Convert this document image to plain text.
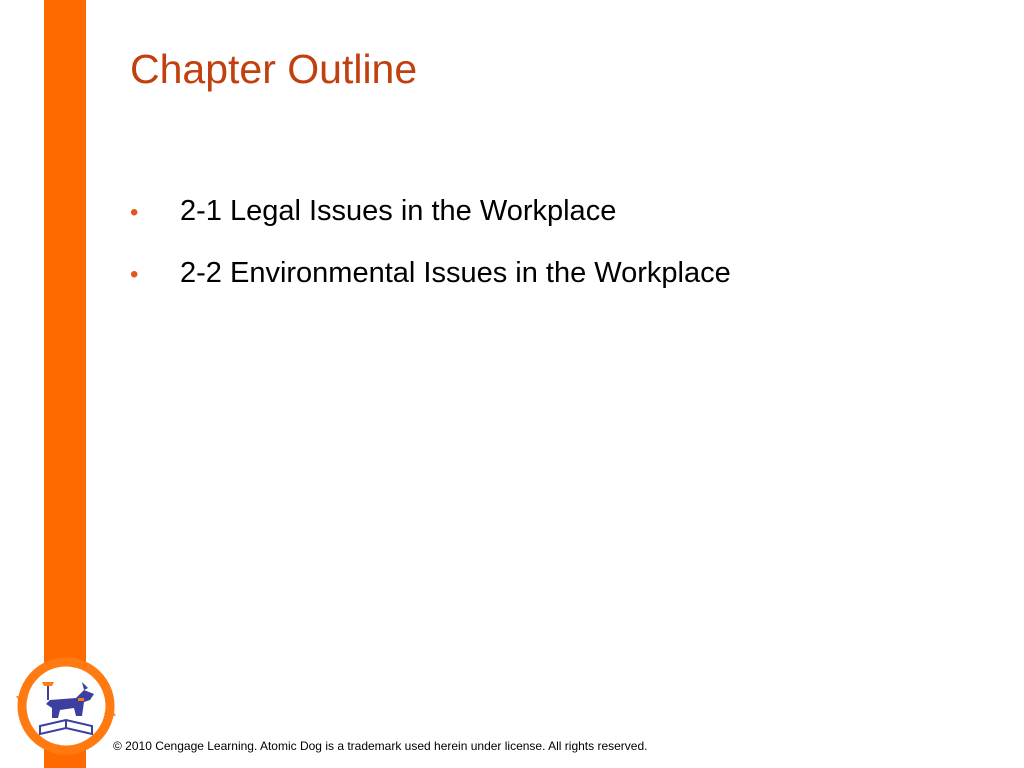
Chapter Outline
•	2-1 Legal Issues in the Workplace
•	2-2 Environmental Issues in the Workplace
© 2010 Cengage Learning. Atomic Dog is a trademark used herein under license. All rights reserved.
